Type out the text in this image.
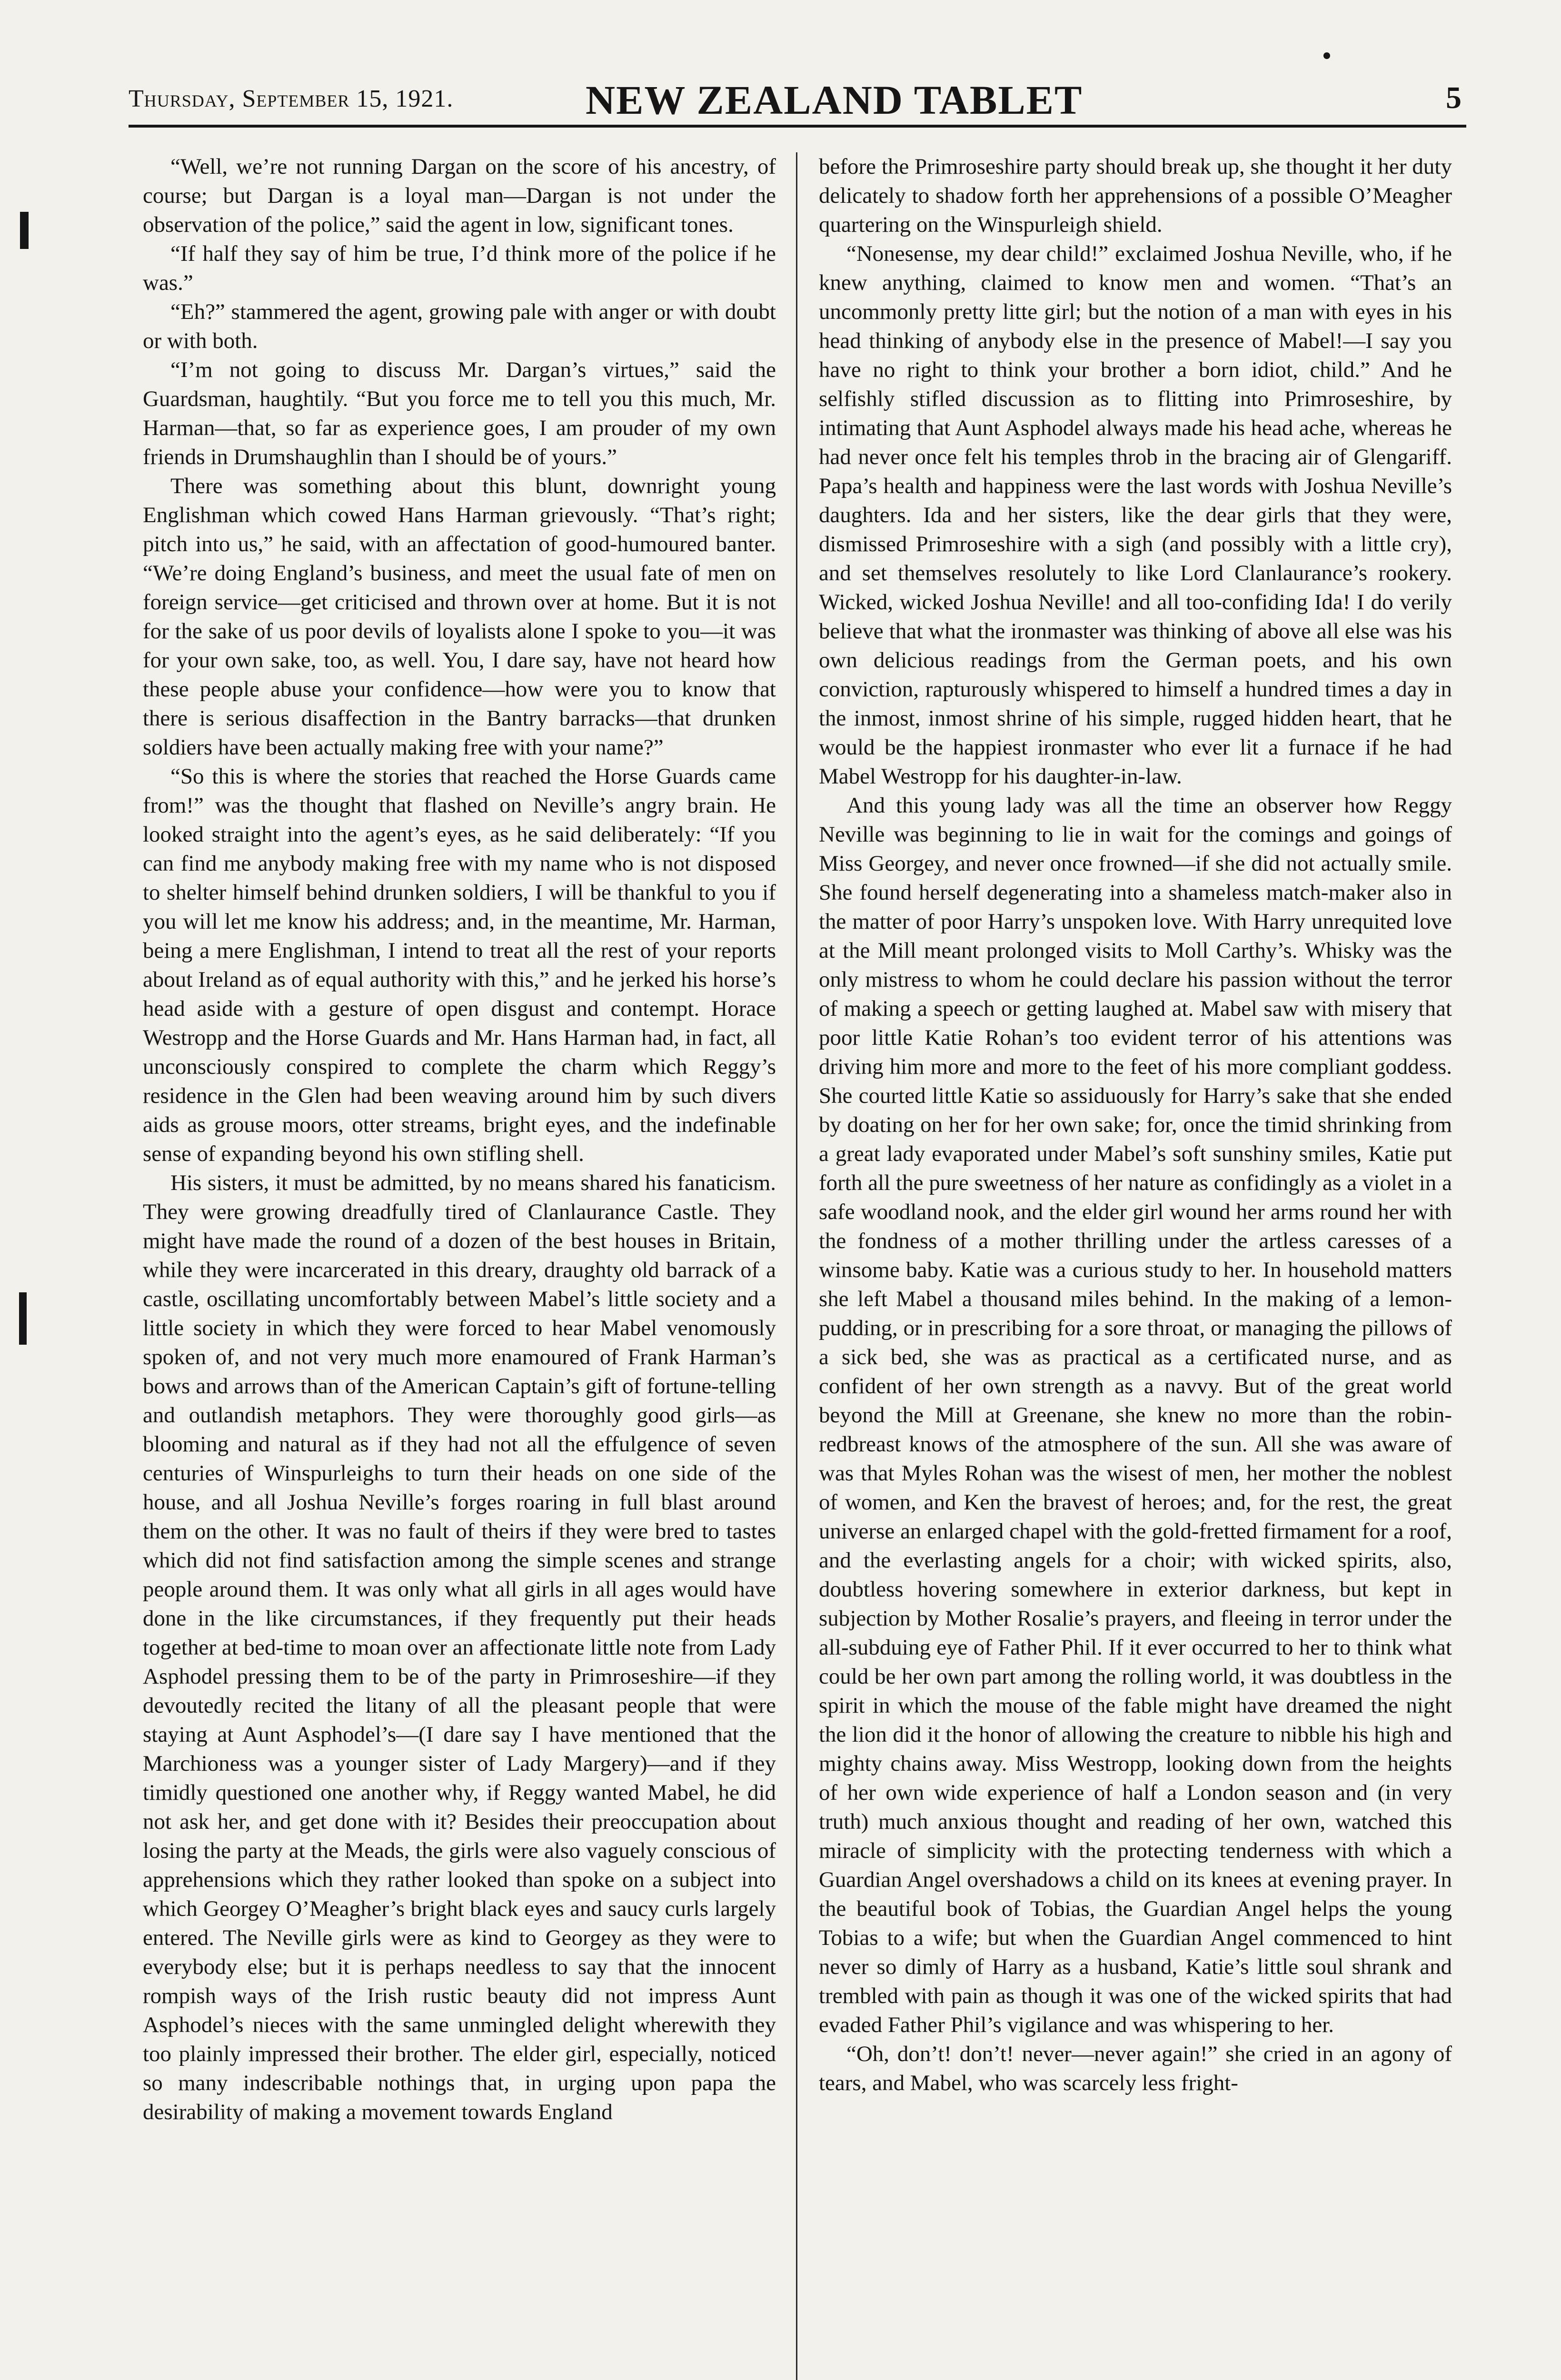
Thursday, September 15, 1921.	NEW ZEALAND TABLET	5

“Well, we’re not running Dargan on the score of his ancestry, of course; but Dargan is a loyal man—Dargan is not under the observation of the police,” said the agent in low, significant tones.

“If half they say of him be true, I’d think more of the police if he was.”

“Eh?” stammered the agent, growing pale with anger or with doubt or with both.

“I’m not going to discuss Mr. Dargan’s virtues,” said the Guardsman, haughtily. “But you force me to tell you this much, Mr. Harman—that, so far as experience goes, I am prouder of my own friends in Drumshaughlin than I should be of yours.”

There was something about this blunt, downright young Englishman which cowed Hans Harman grievously. “That’s right; pitch into us,” he said, with an affectation of good-humoured banter. “We’re doing England’s business, and meet the usual fate of men on foreign service—get criticised and thrown over at home. But it is not for the sake of us poor devils of loyalists alone I spoke to you—it was for your own sake, too, as well. You, I dare say, have not heard how these people abuse your confidence—how were you to know that there is serious disaffection in the Bantry barracks—that drunken soldiers have been actually making free with your name?”

“So this is where the stories that reached the Horse Guards came from!” was the thought that flashed on Neville’s angry brain. He looked straight into the agent’s eyes, as he said deliberately: “If you can find me anybody making free with my name who is not disposed to shelter himself behind drunken soldiers, I will be thankful to you if you will let me know his address; and, in the meantime, Mr. Harman, being a mere Englishman, I intend to treat all the rest of your reports about Ireland as of equal authority with this,” and he jerked his horse’s head aside with a gesture of open disgust and contempt. Horace Westropp and the Horse Guards and Mr. Hans Harman had, in fact, all unconsciously conspired to complete the charm which Reggy’s residence in the Glen had been weaving around him by such divers aids as grouse moors, otter streams, bright eyes, and the indefinable sense of expanding beyond his own stifling shell.

His sisters, it must be admitted, by no means shared his fanaticism. They were growing dreadfully tired of Clanlaurance Castle. They might have made the round of a dozen of the best houses in Britain, while they were incarcerated in this dreary, draughty old barrack of a castle, oscillating uncomfortably between Mabel’s little society and a little society in which they were forced to hear Mabel venomously spoken of, and not very much more enamoured of Frank Harman’s bows and arrows than of the American Captain’s gift of fortune-telling and outlandish metaphors. They were thoroughly good girls—as blooming and natural as if they had not all the effulgence of seven centuries of Winspurleighs to turn their heads on one side of the house, and all Joshua Neville’s forges roaring in full blast around them on the other. It was no fault of theirs if they were bred to tastes which did not find satisfaction among the simple scenes and strange people around them. It was only what all girls in all ages would have done in the like circumstances, if they frequently put their heads together at bed-time to moan over an affectionate little note from Lady Asphodel pressing them to be of the party in Primroseshire—if they devoutedly recited the litany of all the pleasant people that were staying at Aunt Asphodel’s—(I dare say I have mentioned that the Marchioness was a younger sister of Lady Margery)—and if they timidly questioned one another why, if Reggy wanted Mabel, he did not ask her, and get done with it? Besides their preoccupation about losing the party at the Meads, the girls were also vaguely conscious of apprehensions which they rather looked than spoke on a subject into which Georgey O’Meagher’s bright black eyes and saucy curls largely entered. The Neville girls were as kind to Georgey as they were to everybody else; but it is perhaps needless to say that the innocent rompish ways of the Irish rustic beauty did not impress Aunt Asphodel’s nieces with the same unmingled delight wherewith they too plainly impressed their brother. The elder girl, especially, noticed so many indescribable nothings that, in urging upon papa the desirability of making a movement towards England

before the Primroseshire party should break up, she thought it her duty delicately to shadow forth her apprehensions of a possible O’Meagher quartering on the Winspurleigh shield.

“Nonesense, my dear child!” exclaimed Joshua Neville, who, if he knew anything, claimed to know men and women. “That’s an uncommonly pretty litte girl; but the notion of a man with eyes in his head thinking of anybody else in the presence of Mabel!—I say you have no right to think your brother a born idiot, child.” And he selfishly stifled discussion as to flitting into Primroseshire, by intimating that Aunt Asphodel always made his head ache, whereas he had never once felt his temples throb in the bracing air of Glengariff. Papa’s health and happiness were the last words with Joshua Neville’s daughters. Ida and her sisters, like the dear girls that they were, dismissed Primroseshire with a sigh (and possibly with a little cry), and set themselves resolutely to like Lord Clanlaurance’s rookery. Wicked, wicked Joshua Neville! and all too-confiding Ida! I do verily believe that what the ironmaster was thinking of above all else was his own delicious readings from the German poets, and his own conviction, rapturously whispered to himself a hundred times a day in the inmost, inmost shrine of his simple, rugged hidden heart, that he would be the happiest ironmaster who ever lit a furnace if he had Mabel Westropp for his daughter-in-law.

And this young lady was all the time an observer how Reggy Neville was beginning to lie in wait for the comings and goings of Miss Georgey, and never once frowned—if she did not actually smile. She found herself degenerating into a shameless match-maker also in the matter of poor Harry’s unspoken love. With Harry unrequited love at the Mill meant prolonged visits to Moll Carthy’s. Whisky was the only mistress to whom he could declare his passion without the terror of making a speech or getting laughed at. Mabel saw with misery that poor little Katie Rohan’s too evident terror of his attentions was driving him more and more to the feet of his more compliant goddess. She courted little Katie so assiduously for Harry’s sake that she ended by doating on her for her own sake; for, once the timid shrinking from a great lady evaporated under Mabel’s soft sunshiny smiles, Katie put forth all the pure sweetness of her nature as confidingly as a violet in a safe woodland nook, and the elder girl wound her arms round her with the fondness of a mother thrilling under the artless caresses of a winsome baby. Katie was a curious study to her. In household matters she left Mabel a thousand miles behind. In the making of a lemon-pudding, or in prescribing for a sore throat, or managing the pillows of a sick bed, she was as practical as a certificated nurse, and as confident of her own strength as a navvy. But of the great world beyond the Mill at Greenane, she knew no more than the robin-redbreast knows of the atmosphere of the sun. All she was aware of was that Myles Rohan was the wisest of men, her mother the noblest of women, and Ken the bravest of heroes; and, for the rest, the great universe an enlarged chapel with the gold-fretted firmament for a roof, and the everlasting angels for a choir; with wicked spirits, also, doubtless hovering somewhere in exterior darkness, but kept in subjection by Mother Rosalie’s prayers, and fleeing in terror under the all-subduing eye of Father Phil. If it ever occurred to her to think what could be her own part among the rolling world, it was doubtless in the spirit in which the mouse of the fable might have dreamed the night the lion did it the honor of allowing the creature to nibble his high and mighty chains away. Miss Westropp, looking down from the heights of her own wide experience of half a London season and (in very truth) much anxious thought and reading of her own, watched this miracle of simplicity with the protecting tenderness with which a Guardian Angel overshadows a child on its knees at evening prayer. In the beautiful book of Tobias, the Guardian Angel helps the young Tobias to a wife; but when the Guardian Angel commenced to hint never so dimly of Harry as a husband, Katie’s little soul shrank and trembled with pain as though it was one of the wicked spirits that had evaded Father Phil’s vigilance and was whispering to her.

“Oh, don’t! don’t! never—never again!” she cried in an agony of tears, and Mabel, who was scarcely less fright-
